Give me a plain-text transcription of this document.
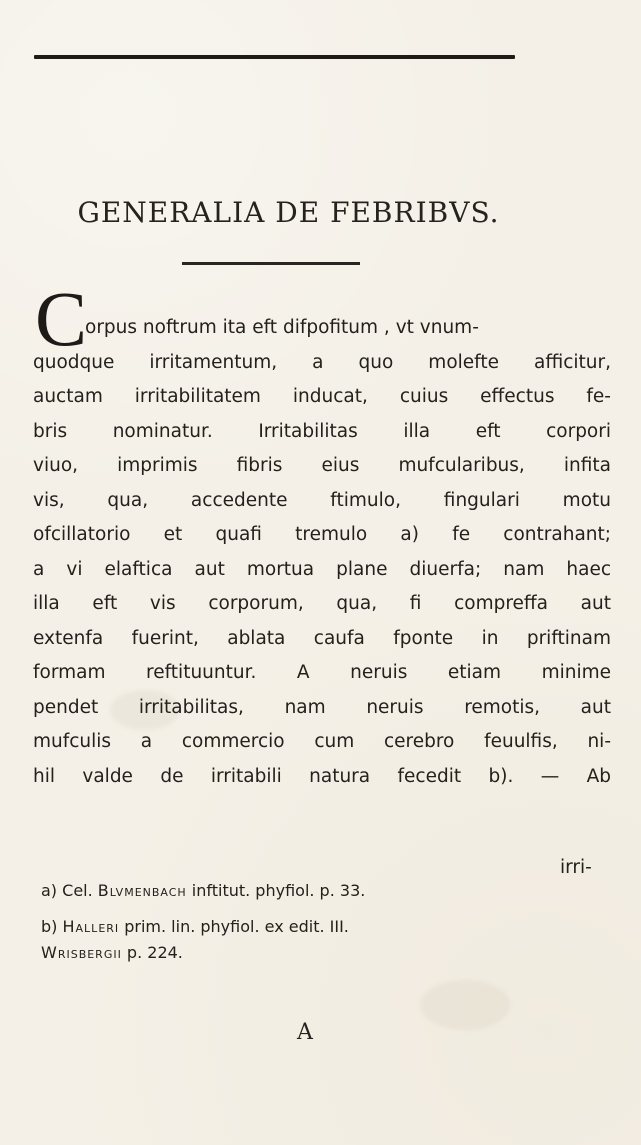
GENERALIA DE FEBRIBVS.
C
orpus noftrum ita eft difpofitum , vt vnum-
quodque irritamentum, a quo molefte afficitur,
auctam irritabilitatem inducat, cuius effectus fe-
bris nominatur. Irritabilitas illa eft corpori
viuo, imprimis fibris eius mufcularibus, infita
vis, qua, accedente ftimulo, fingulari motu
ofcillatorio et quafi tremulo a) fe contrahant;
a vi elaftica aut mortua plane diuerfa; nam haec
illa eft vis corporum, qua, fi compreffa aut
extenfa fuerint, ablata caufa fponte in priftinam
formam reftituuntur. A neruis etiam minime
pendet irritabilitas, nam neruis remotis, aut
mufculis a commercio cum cerebro feuulfis, ni-
hil valde de irritabili natura fecedit b). — Ab
irri-
a) Cel. Blvmenbach inftitut. phyfiol. p. 33.
b) Halleri prim. lin. phyfiol. ex edit. III.
Wrisbergii p. 224.
A
